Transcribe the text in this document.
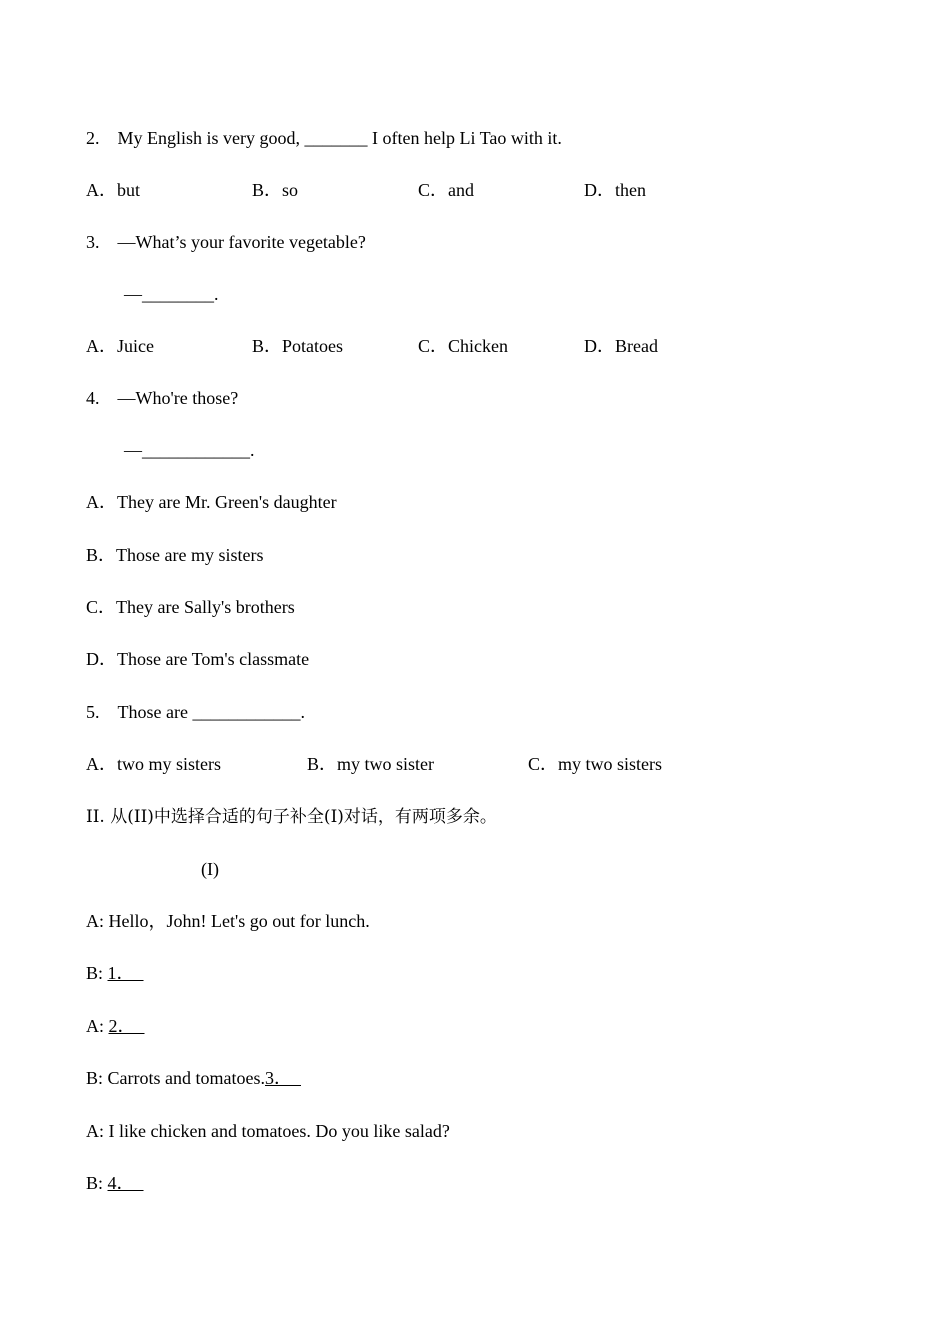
2. My English is very good, _______ I often help Li Tao with it.
A．but	B．so	C．and	D．then
3. —What’s your favorite vegetable?
—________.
A．Juice	B．Potatoes	C．Chicken	D．Bread
4. —Who're those?
—____________.
A．They are Mr. Green's daughter
B．Those are my sisters
C．They are Sally's brothers
D．Those are Tom's classmate
5. Those are ____________.
A．two my sisters	B．my two sister	C．my two sisters
II. 从(II)中选择合适的句子补全(I)对话，有两项多余。
(I)
A: Hello，John! Let's go out for lunch.
B: 1． 
A: 2． 
B: Carrots and tomatoes.3． 
A: I like chicken and tomatoes. Do you like salad?
B: 4． 
